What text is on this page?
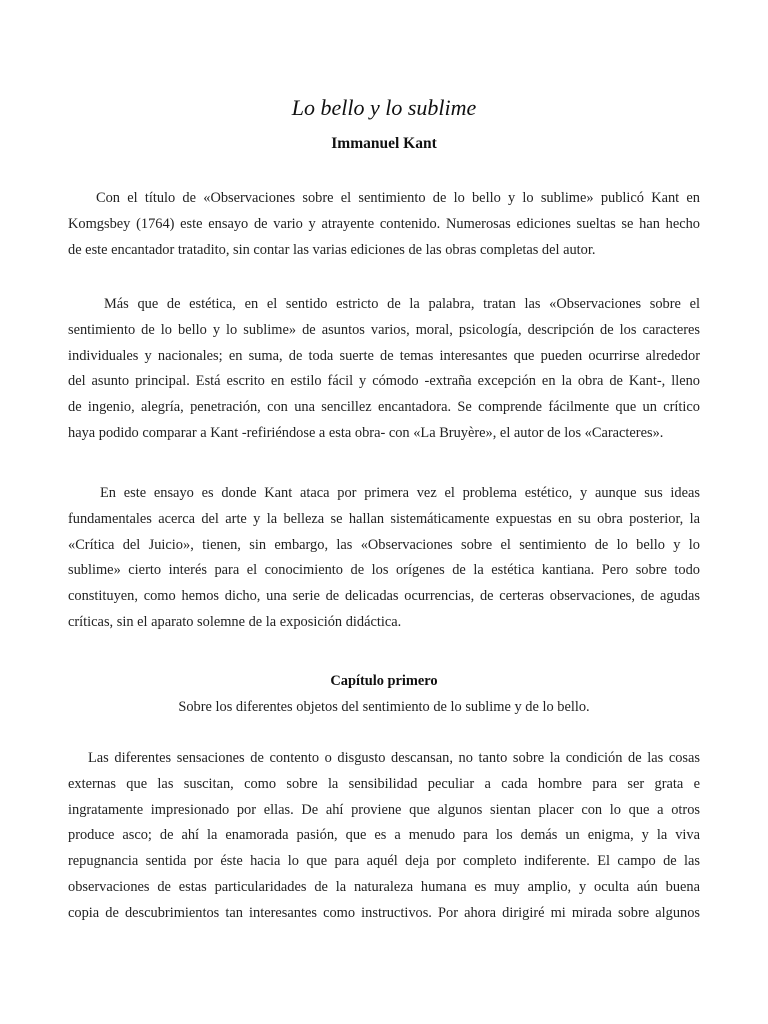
Lo bello y lo sublime
Immanuel Kant

Con el título de «Observaciones sobre el sentimiento de lo bello y lo sublime» publicó Kant en
Komgsbey (1764) este ensayo de vario y atrayente contenido. Numerosas ediciones sueltas se han hecho
de este encantador tratadito, sin contar las varias ediciones de las obras completas del autor.

Más que de estética, en el sentido estricto de la palabra, tratan las «Observaciones sobre el
sentimiento de lo bello y lo sublime» de asuntos varios, moral, psicología, descripción de los caracteres
individuales y nacionales; en suma, de toda suerte de temas interesantes que pueden ocurrirse alrededor
del asunto principal. Está escrito en estilo fácil y cómodo -extraña excepción en la obra de Kant-, lleno
de ingenio, alegría, penetración, con una sencillez encantadora. Se comprende fácilmente que un crítico
haya podido comparar a Kant -refiriéndose a esta obra- con «La Bruyère», el autor de los «Caracteres».

En este ensayo es donde Kant ataca por primera vez el problema estético, y aunque sus ideas
fundamentales acerca del arte y la belleza se hallan sistemáticamente expuestas en su obra posterior, la
«Crítica del Juicio», tienen, sin embargo, las «Observaciones sobre el sentimiento de lo bello y lo
sublime» cierto interés para el conocimiento de los orígenes de la estética kantiana. Pero sobre todo
constituyen, como hemos dicho, una serie de delicadas ocurrencias, de certeras observaciones, de agudas
críticas, sin el aparato solemne de la exposición didáctica.

Capítulo primero

Sobre los diferentes objetos del sentimiento de lo sublime y de lo bello.

Las diferentes sensaciones de contento o disgusto descansan, no tanto sobre la condición de las cosas
externas que las suscitan, como sobre la sensibilidad peculiar a cada hombre para ser grata e
ingratamente impresionado por ellas. De ahí proviene que algunos sientan placer con lo que a otros
produce asco; de ahí la enamorada pasión, que es a menudo para los demás un enigma, y la viva
repugnancia sentida por éste hacia lo que para aquél deja por completo indiferente. El campo de las
observaciones de estas particularidades de la naturaleza humana es muy amplio, y oculta aún buena
copia de descubrimientos tan interesantes como instructivos. Por ahora dirigiré mi mirada sobre algunos
